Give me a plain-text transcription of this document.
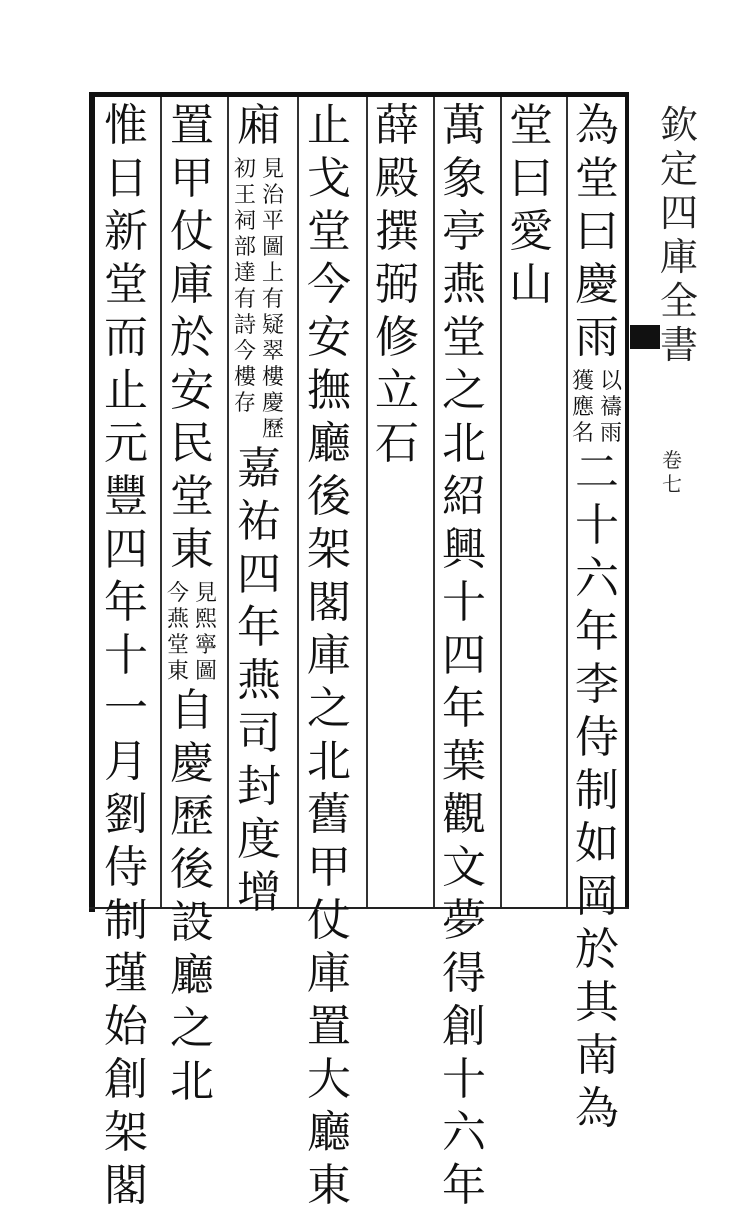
欽
定
四
庫
全
書
卷
七
為
堂
曰
慶
雨
以
禱
雨
獲
應
名
二
十
六
年
李
侍
制
如
岡
於
其
南
為
堂
曰
愛
山
萬
象
亭
燕
堂
之
北
紹
興
十
四
年
葉
觀
文
夢
得
創
十
六
年
薛
殿
撰
弼
修
立
石
止
戈
堂
今
安
撫
廳
後
架
閣
庫
之
北
舊
甲
仗
庫
置
大
廳
東
廂
見
治
平
圖
上
有
疑
翠
樓
慶
歷
初
王
祠
部
達
有
詩
今
樓
存
嘉
祐
四
年
燕
司
封
度
增
置
甲
仗
庫
於
安
民
堂
東
見
熙
寧
圖
今
燕
堂
東
自
慶
歷
後
設
廳
之
北
惟
日
新
堂
而
止
元
豐
四
年
十
一
月
劉
侍
制
瑾
始
創
架
閣
